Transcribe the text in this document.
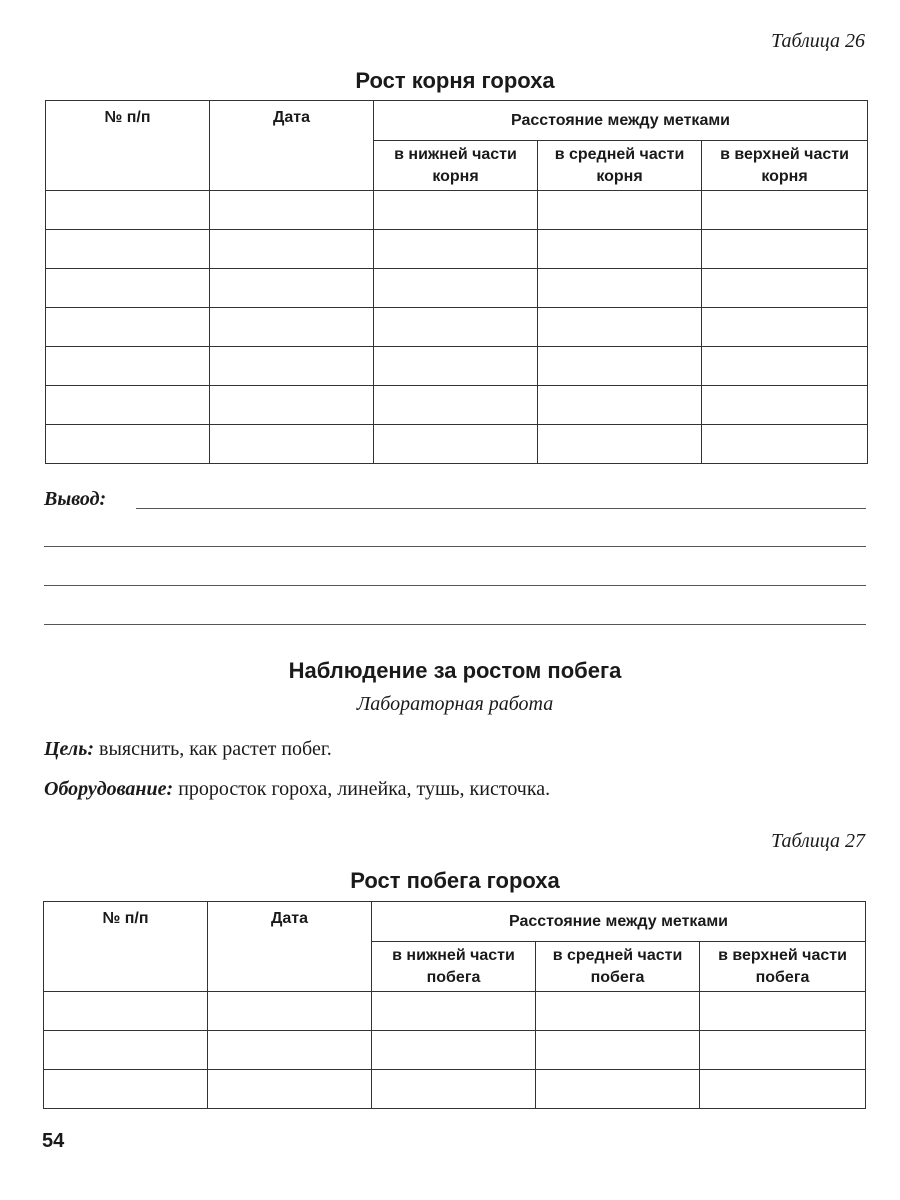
Таблица 26
Рост корня гороха
№ п/п	Дата	Расстояние между метками		
		в нижней части корня	в средней части корня	в верхней части корня

Вывод:
Наблюдение за ростом побега
Лабораторная работа
Цель: выяснить, как растет побег.
Оборудование: проросток гороха, линейка, тушь, кисточка.
Таблица 27
Рост побега гороха
№ п/п	Дата	Расстояние между метками		
		в нижней части побега	в средней части побега	в верхней части побега

54
